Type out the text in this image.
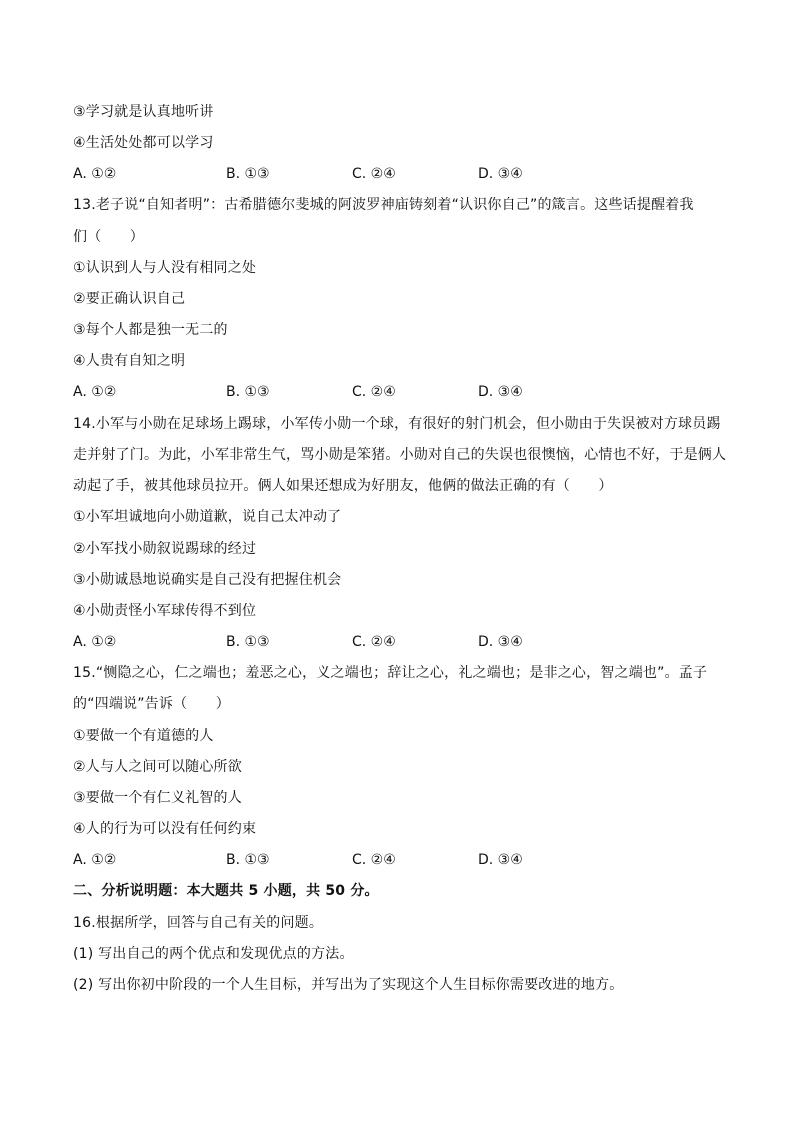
③学习就是认真地听讲
④生活处处都可以学习
A. ①②	B. ①③	C. ②④	D. ③④
13.老子说“自知者明”：古希腊德尔斐城的阿波罗神庙铸刻着“认识你自己”的箴言。这些话提醒着我
们（　　）
①认识到人与人没有相同之处
②要正确认识自己
③每个人都是独一无二的
④人贵有自知之明
A. ①②	B. ①③	C. ②④	D. ③④
14.小军与小勋在足球场上踢球，小军传小勋一个球，有很好的射门机会，但小勋由于失误被对方球员踢
走并射了门。为此，小军非常生气，骂小勋是笨猪。小勋对自己的失误也很懊恼，心情也不好，于是俩人
动起了手，被其他球员拉开。俩人如果还想成为好朋友，他俩的做法正确的有（　　）
①小军坦诚地向小勋道歉，说自己太冲动了
②小军找小勋叙说踢球的经过
③小勋诚恳地说确实是自己没有把握住机会
④小勋责怪小军球传得不到位
A. ①②	B. ①③	C. ②④	D. ③④
15.“恻隐之心，仁之端也；羞恶之心，义之端也；辞让之心，礼之端也；是非之心，智之端也”。孟子
的“四端说”告诉（　　）
①要做一个有道德的人
②人与人之间可以随心所欲
③要做一个有仁义礼智的人
④人的行为可以没有任何约束
A. ①②	B. ①③	C. ②④	D. ③④
二、分析说明题：本大题共 5 小题，共 50 分。
16.根据所学，回答与自己有关的问题。
(1) 写出自己的两个优点和发现优点的方法。
(2) 写出你初中阶段的一个人生目标，并写出为了实现这个人生目标你需要改进的地方。
